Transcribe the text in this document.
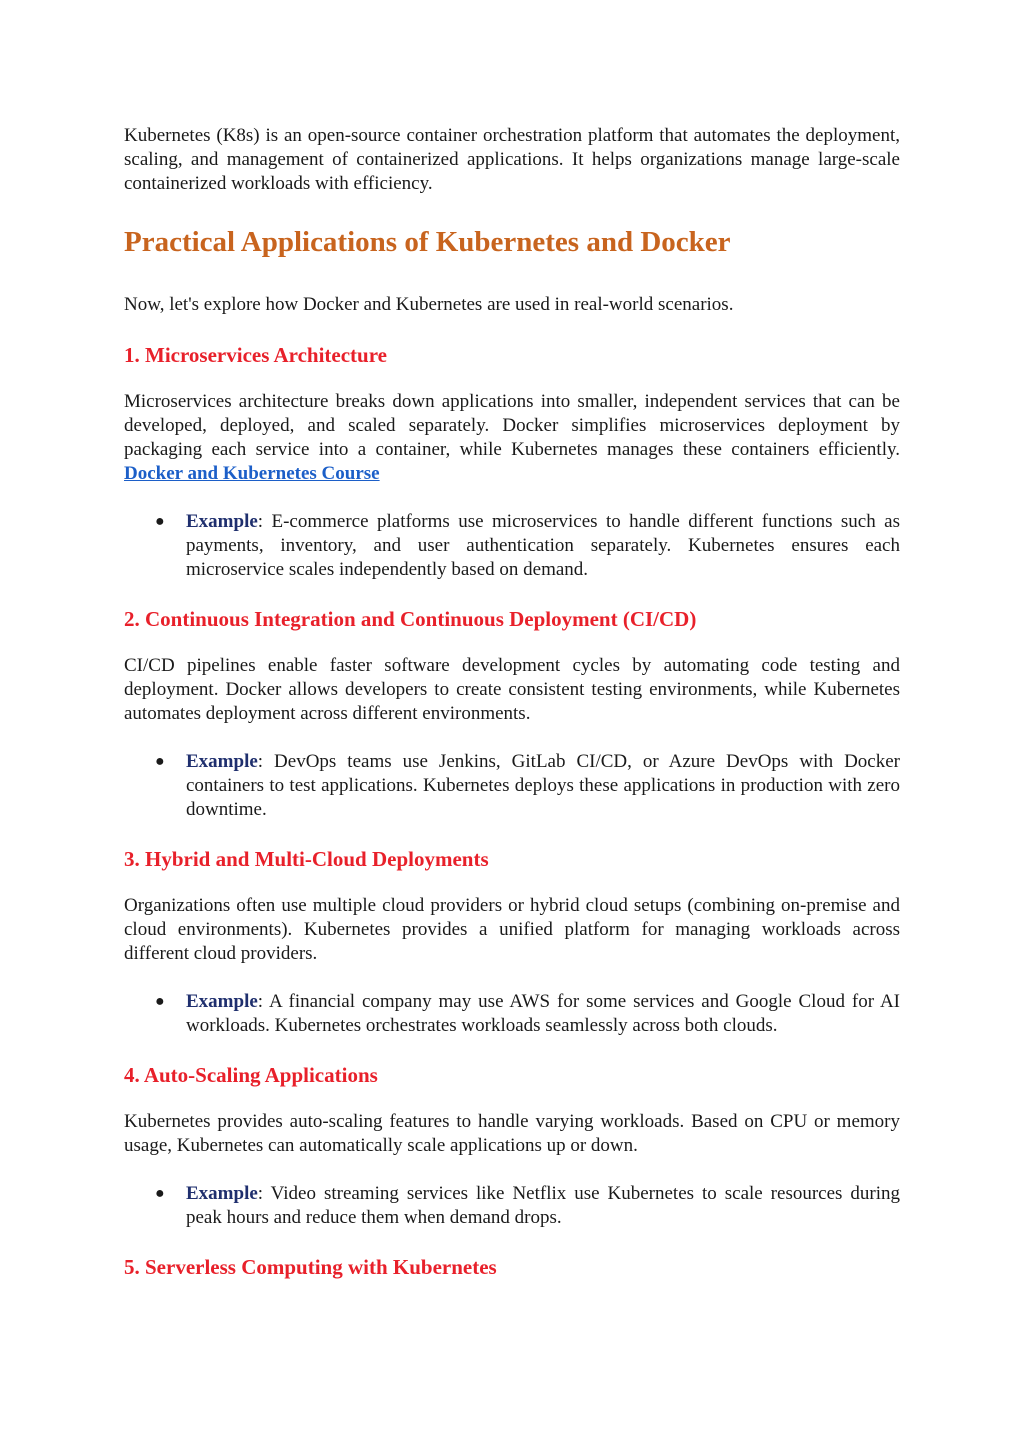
Kubernetes (K8s) is an open-source container orchestration platform that automates the deployment, scaling, and management of containerized applications. It helps organizations manage large-scale containerized workloads with efficiency.

Practical Applications of Kubernetes and Docker

Now, let's explore how Docker and Kubernetes are used in real-world scenarios.

1. Microservices Architecture

Microservices architecture breaks down applications into smaller, independent services that can be developed, deployed, and scaled separately. Docker simplifies microservices deployment by packaging each service into a container, while Kubernetes manages these containers efficiently. Docker and Kubernetes Course

● Example: E-commerce platforms use microservices to handle different functions such as payments, inventory, and user authentication separately. Kubernetes ensures each microservice scales independently based on demand.
2. Continuous Integration and Continuous Deployment (CI/CD)

CI/CD pipelines enable faster software development cycles by automating code testing and deployment. Docker allows developers to create consistent testing environments, while Kubernetes automates deployment across different environments.

● Example: DevOps teams use Jenkins, GitLab CI/CD, or Azure DevOps with Docker containers to test applications. Kubernetes deploys these applications in production with zero downtime.
3. Hybrid and Multi-Cloud Deployments

Organizations often use multiple cloud providers or hybrid cloud setups (combining on-premise and cloud environments). Kubernetes provides a unified platform for managing workloads across different cloud providers.

● Example: A financial company may use AWS for some services and Google Cloud for AI workloads. Kubernetes orchestrates workloads seamlessly across both clouds.
4. Auto-Scaling Applications

Kubernetes provides auto-scaling features to handle varying workloads. Based on CPU or memory usage, Kubernetes can automatically scale applications up or down.

● Example: Video streaming services like Netflix use Kubernetes to scale resources during peak hours and reduce them when demand drops.
5. Serverless Computing with Kubernetes
